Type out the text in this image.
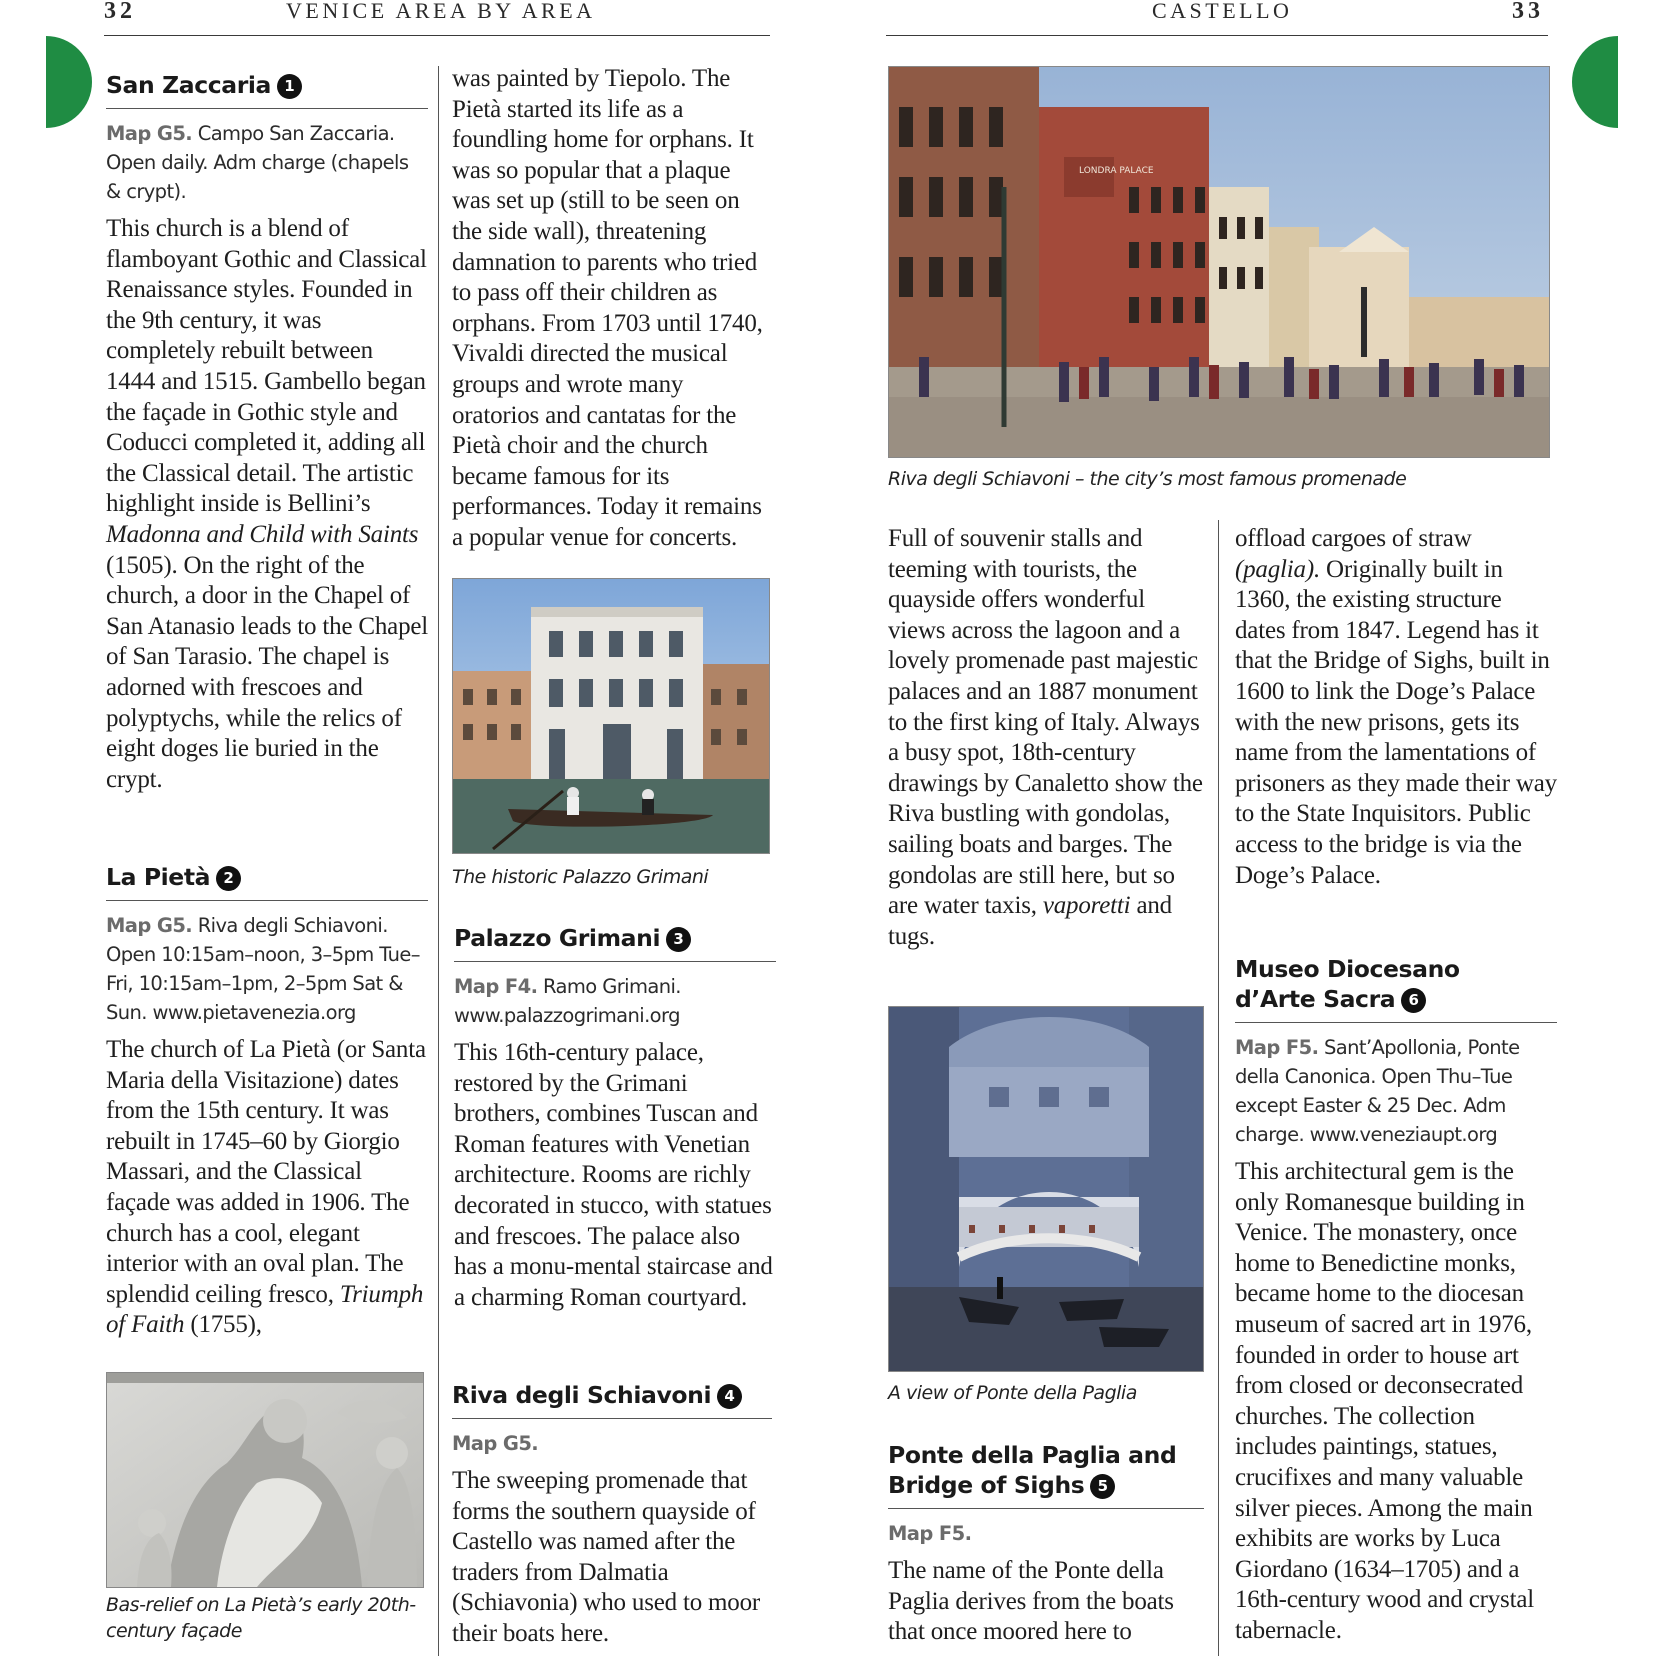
32	VENICE AREA BY AREA	CASTELLO	33
San Zaccaria 1

Map G5. Campo San Zaccaria. Open daily. Adm charge (chapels & crypt).

This church is a blend of flamboyant Gothic and Classical Renaissance styles. Founded in the 9th century, it was completely rebuilt between 1444 and 1515. Gambello began the façade in Gothic style and Coducci completed it, adding all the Classical detail. The artistic highlight inside is Bellini’s Madonna and Child with Saints (1505). On the right of the church, a door in the Chapel of San Atanasio leads to the Chapel of San Tarasio. The chapel is adorned with frescoes and polyptychs, while the relics of eight doges lie buried in the crypt.

La Pietà 2

Map G5. Riva degli Schiavoni. Open 10:15am–noon, 3–5pm Tue–Fri, 10:15am–1pm, 2–5pm Sat & Sun. www.pietavenezia.org

The church of La Pietà (or Santa Maria della Visitazione) dates from the 15th century. It was rebuilt in 1745–60 by Giorgio Massari, and the Classical façade was added in 1906. The church has a cool, elegant interior with an oval plan. The splendid ceiling fresco, Triumph of Faith (1755),

Bas-relief on La Pietà’s early 20th-century façade

was painted by Tiepolo. The Pietà started its life as a foundling home for orphans. It was so popular that a plaque was set up (still to be seen on the side wall), threatening damnation to parents who tried to pass off their children as orphans. From 1703 until 1740, Vivaldi directed the musical groups and wrote many oratorios and cantatas for the Pietà choir and the church became famous for its performances. Today it remains a popular venue for concerts.

The historic Palazzo Grimani
Palazzo Grimani 3

Map F4. Ramo Grimani. www.palazzogrimani.org

This 16th-century palace, restored by the Grimani brothers, combines Tuscan and Roman features with Venetian architecture. Rooms are richly decorated in stucco, with statues and frescoes. The palace also has a monu-mental staircase and a charming Roman courtyard.

Riva degli Schiavoni 4

Map G5.

The sweeping promenade that forms the southern quayside of Castello was named after the traders from Dalmatia (Schiavonia) who used to moor their boats here.

LONDRA PALACE
Riva degli Schiavoni – the city’s most famous promenade

Full of souvenir stalls and teeming with tourists, the quayside offers wonderful views across the lagoon and a lovely promenade past majestic palaces and an 1887 monument to the first king of Italy. Always a busy spot, 18th-century drawings by Canaletto show the Riva bustling with gondolas, sailing boats and barges. The gondolas are still here, but so are water taxis, vaporetti and tugs.

A view of Ponte della Paglia
Ponte della Paglia and
Bridge of Sighs 5

Map F5.

The name of the Ponte della Paglia derives from the boats that once moored here to

offload cargoes of straw (paglia). Originally built in 1360, the existing structure dates from 1847. Legend has it that the Bridge of Sighs, built in 1600 to link the Doge’s Palace with the new prisons, gets its name from the lamentations of prisoners as they made their way to the State Inquisitors. Public access to the bridge is via the Doge’s Palace.

Museo Diocesano
d’Arte Sacra 6

Map F5. Sant’Apollonia, Ponte della Canonica. Open Thu–Tue except Easter & 25 Dec. Adm charge. www.veneziaupt.org

This architectural gem is the only Romanesque building in Venice. The monastery, once home to Benedictine monks, became home to the diocesan museum of sacred art in 1976, founded in order to house art from closed or deconsecrated churches. The collection includes paintings, statues, crucifixes and many valuable silver pieces. Among the main exhibits are works by Luca Giordano (1634–1705) and a 16th-century wood and crystal tabernacle.
